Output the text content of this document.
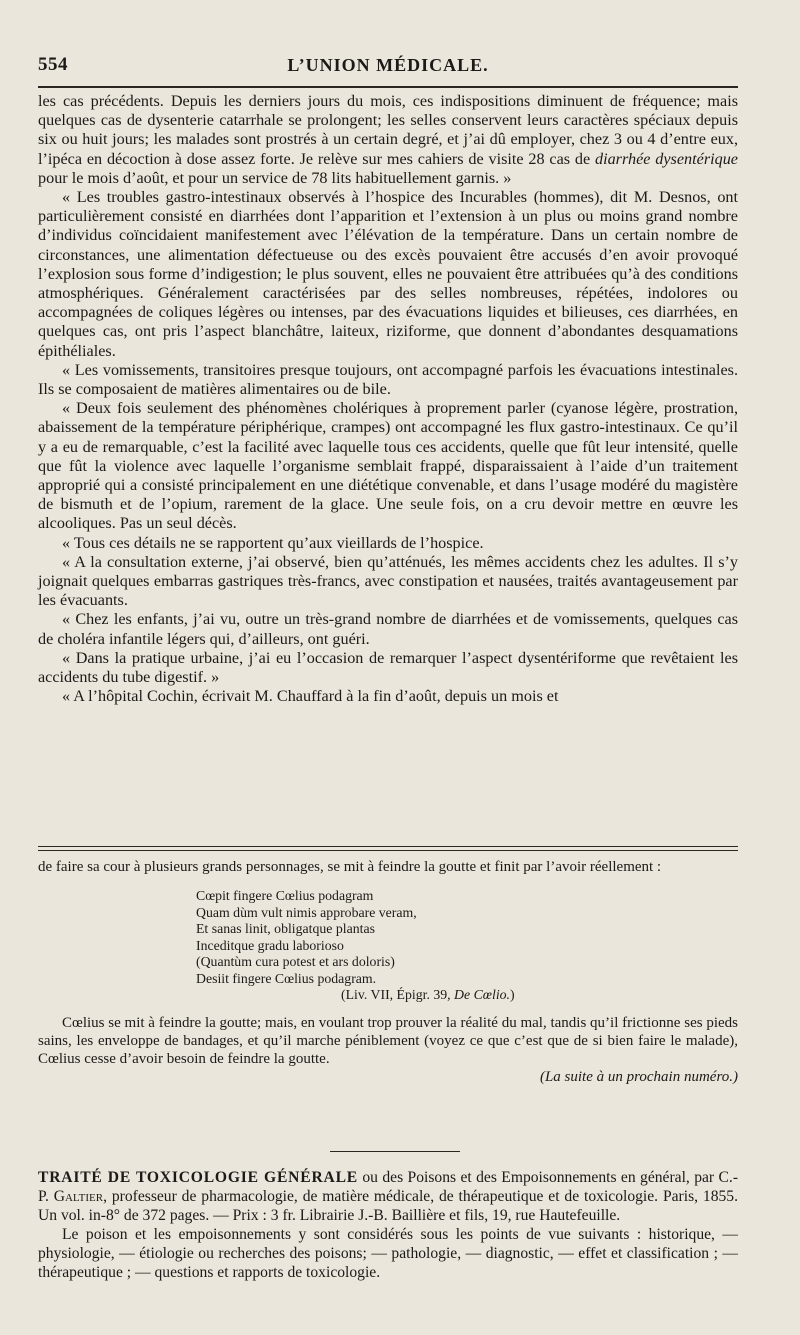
554	L’UNION MÉDICALE.

les cas précédents. Depuis les derniers jours du mois, ces indispositions diminuent de fréquence; mais quelques cas de dysenterie catarrhale se prolongent; les selles conservent leurs caractères spéciaux depuis six ou huit jours; les malades sont prostrés à un certain degré, et j’ai dû employer, chez 3 ou 4 d’entre eux, l’ipéca en décoction à dose assez forte. Je relève sur mes cahiers de visite 28 cas de diarrhée dysentérique pour le mois d’août, et pour un service de 78 lits habituellement garnis. »

« Les troubles gastro-intestinaux observés à l’hospice des Incurables (hommes), dit M. Desnos, ont particulièrement consisté en diarrhées dont l’apparition et l’extension à un plus ou moins grand nombre d’individus coïncidaient manifestement avec l’élévation de la température. Dans un certain nombre de circonstances, une alimentation défectueuse ou des excès pouvaient être accusés d’en avoir provoqué l’explosion sous forme d’indigestion; le plus souvent, elles ne pouvaient être attribuées qu’à des conditions atmosphériques. Généralement caractérisées par des selles nombreuses, répétées, indolores ou accompagnées de coliques légères ou intenses, par des évacuations liquides et bilieuses, ces diarrhées, en quelques cas, ont pris l’aspect blanchâtre, laiteux, riziforme, que donnent d’abondantes desquamations épithéliales.

« Les vomissements, transitoires presque toujours, ont accompagné parfois les évacuations intestinales. Ils se composaient de matières alimentaires ou de bile.

« Deux fois seulement des phénomènes cholériques à proprement parler (cyanose légère, prostration, abaissement de la température périphérique, crampes) ont accompagné les flux gastro-intestinaux. Ce qu’il y a eu de remarquable, c’est la facilité avec laquelle tous ces accidents, quelle que fût leur intensité, quelle que fût la violence avec laquelle l’organisme semblait frappé, disparaissaient à l’aide d’un traitement approprié qui a consisté principalement en une diététique convenable, et dans l’usage modéré du magistère de bismuth et de l’opium, rarement de la glace. Une seule fois, on a cru devoir mettre en œuvre les alcooliques. Pas un seul décès.

« Tous ces détails ne se rapportent qu’aux vieillards de l’hospice.

« A la consultation externe, j’ai observé, bien qu’atténués, les mêmes accidents chez les adultes. Il s’y joignait quelques embarras gastriques très-francs, avec constipation et nausées, traités avantageusement par les évacuants.

« Chez les enfants, j’ai vu, outre un très-grand nombre de diarrhées et de vomissements, quelques cas de choléra infantile légers qui, d’ailleurs, ont guéri.

« Dans la pratique urbaine, j’ai eu l’occasion de remarquer l’aspect dysentériforme que revêtaient les accidents du tube digestif. »

« A l’hôpital Cochin, écrivait M. Chauffard à la fin d’août, depuis un mois et

de faire sa cour à plusieurs grands personnages, se mit à feindre la goutte et finit par l’avoir réellement :

Cœpit fingere Cœlius podagram
Quam dùm vult nimis approbare veram,
Et sanas linit, obligatque plantas
Inceditque gradu laborioso
(Quantùm cura potest et ars doloris)
Desiit fingere Cœlius podagram.
(Liv. VII, Épigr. 39, De Cœlio.)

Cœlius se mit à feindre la goutte; mais, en voulant trop prouver la réalité du mal, tandis qu’il frictionne ses pieds sains, les enveloppe de bandages, et qu’il marche péniblement (voyez ce que c’est que de si bien faire le malade), Cœlius cesse d’avoir besoin de feindre la goutte.

(La suite à un prochain numéro.)

TRAITÉ DE TOXICOLOGIE GÉNÉRALE ou des Poisons et des Empoisonnements en général, par C.-P. Galtier, professeur de pharmacologie, de matière médicale, de thérapeutique et de toxicologie. Paris, 1855. Un vol. in-8° de 372 pages. — Prix : 3 fr. Librairie J.-B. Baillière et fils, 19, rue Hautefeuille.

Le poison et les empoisonnements y sont considérés sous les points de vue suivants : historique, — physiologie, — étiologie ou recherches des poisons; — pathologie, — diagnostic, — effet et classification ; — thérapeutique ; — questions et rapports de toxicologie.
